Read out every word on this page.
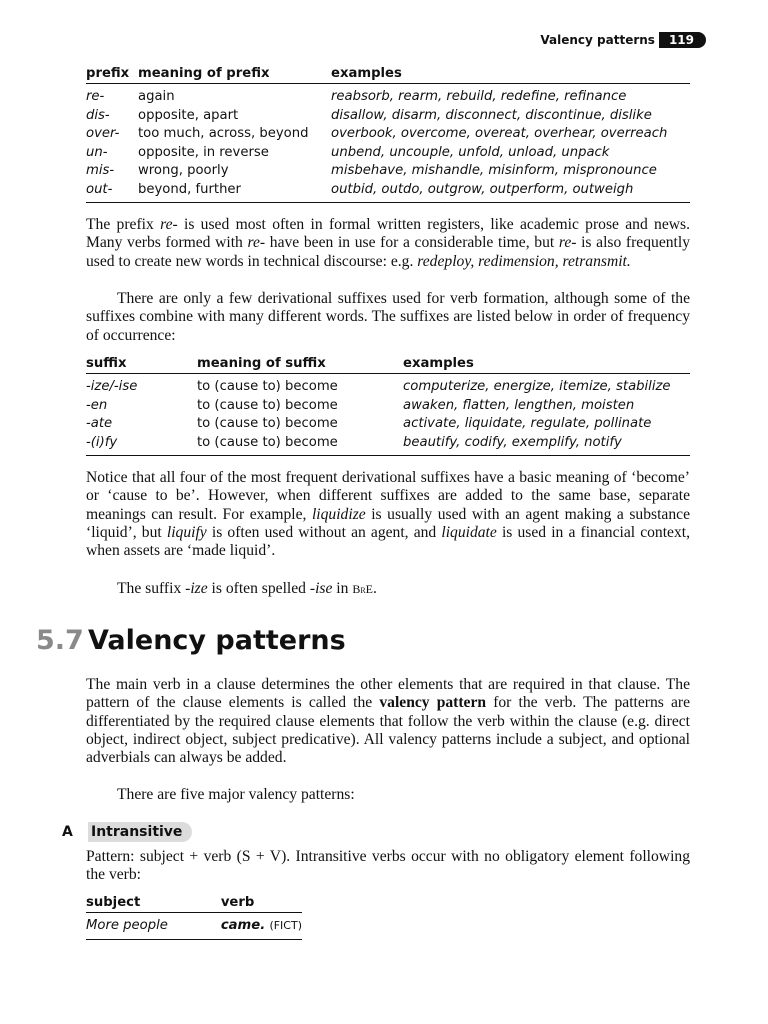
Valency patterns	119
prefix	meaning of prefix	examples
re-	again	reabsorb, rearm, rebuild, redefine, refinance
dis-	opposite, apart	disallow, disarm, disconnect, discontinue, dislike
over-	too much, across, beyond	overbook, overcome, overeat, overhear, overreach
un-	opposite, in reverse	unbend, uncouple, unfold, unload, unpack
mis-	wrong, poorly	misbehave, mishandle, misinform, mispronounce
out-	beyond, further	outbid, outdo, outgrow, outperform, outweigh

The prefix re- is used most often in formal written registers, like academic prose and news. Many verbs formed with re- have been in use for a considerable time, but re- is also frequently used to create new words in technical discourse: e.g. redeploy, redimension, retransmit.

There are only a few derivational suffixes used for verb formation, although some of the suffixes combine with many different words. The suffixes are listed below in order of frequency of occurrence:

suffix	meaning of suffix	examples
-ize/-ise	to (cause to) become	computerize, energize, itemize, stabilize
-en	to (cause to) become	awaken, flatten, lengthen, moisten
-ate	to (cause to) become	activate, liquidate, regulate, pollinate
-(i)fy	to (cause to) become	beautify, codify, exemplify, notify

Notice that all four of the most frequent derivational suffixes have a basic meaning of ‘become’ or ‘cause to be’. However, when different suffixes are added to the same base, separate meanings can result. For example, liquidize is usually used with an agent making a substance ‘liquid’, but liquify is often used without an agent, and liquidate is used in a financial context, when assets are ‘made liquid’.

The suffix -ize is often spelled -ise in BrE.

5.7 Valency patterns

The main verb in a clause determines the other elements that are required in that clause. The pattern of the clause elements is called the valency pattern for the verb. The patterns are differentiated by the required clause elements that follow the verb within the clause (e.g. direct object, indirect object, subject predicative). All valency patterns include a subject, and optional adverbials can always be added.

There are five major valency patterns:

A	Intransitive

Pattern: subject + verb (S + V). Intransitive verbs occur with no obligatory element following the verb:

subject	verb
More people	came. (FICT)
